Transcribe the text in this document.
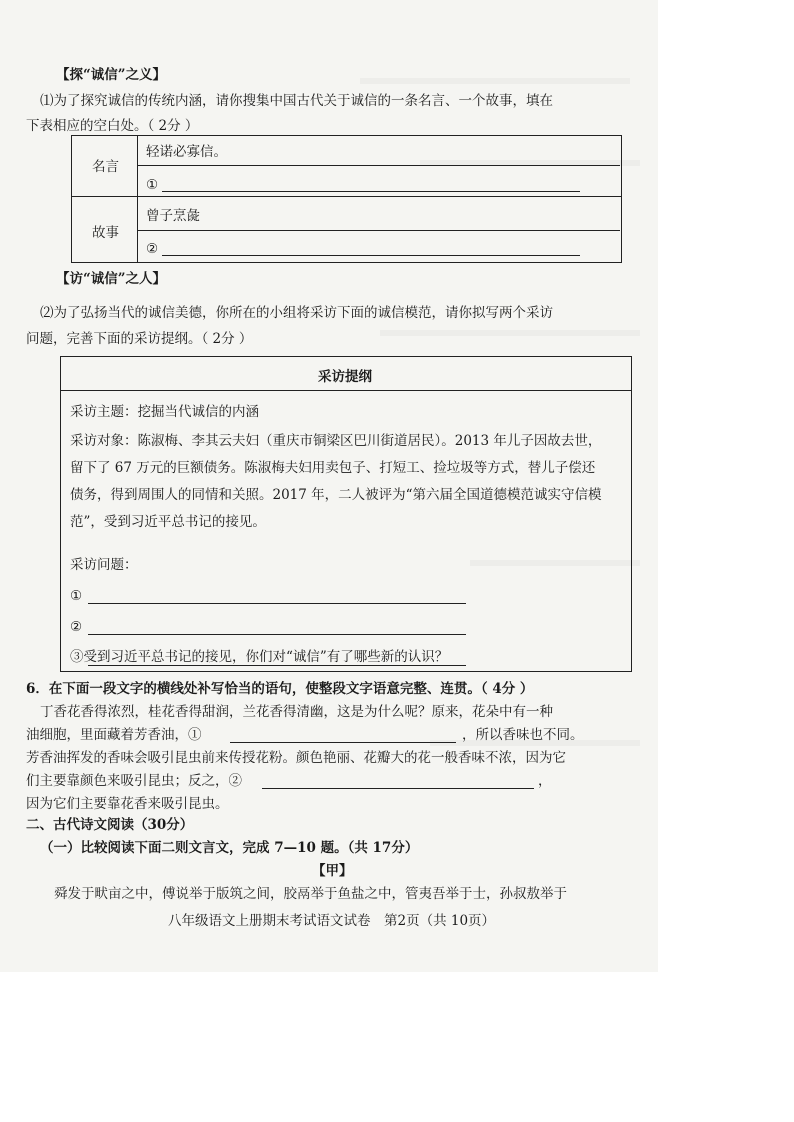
【探“诚信”之义】
⑴为了探究诚信的传统内涵，请你搜集中国古代关于诚信的一条名言、一个故事，填在
下表相应的空白处。（ 2分 ）
名言
轻诺必寡信。
①
故事
曾子烹彘
②
【访“诚信”之人】
⑵为了弘扬当代的诚信美德，你所在的小组将采访下面的诚信模范，请你拟写两个采访
问题，完善下面的采访提纲。（ 2分 ）
采访提纲
采访主题：挖掘当代诚信的内涵
采访对象：陈淑梅、李其云夫妇（重庆市铜梁区巴川街道居民）。2013 年儿子因故去世，
留下了 67 万元的巨额债务。陈淑梅夫妇用卖包子、打短工、捡垃圾等方式，替儿子偿还
债务，得到周围人的同情和关照。2017 年，二人被评为“第六届全国道德模范诚实守信模
范”，受到习近平总书记的接见。
采访问题：
①
②
③受到习近平总书记的接见，你们对“诚信”有了哪些新的认识？
6．在下面一段文字的横线处补写恰当的语句，使整段文字语意完整、连贯。（ 4分 ）
丁香花香得浓烈，桂花香得甜润，兰花香得清幽，这是为什么呢？原来，花朵中有一种
油细胞，里面藏着芳香油，①	，所以香味也不同。
芳香油挥发的香味会吸引昆虫前来传授花粉。颜色艳丽、花瓣大的花一般香味不浓，因为它
们主要靠颜色来吸引昆虫；反之，②	，
因为它们主要靠花香来吸引昆虫。
二、古代诗文阅读（30分）
（一）比较阅读下面二则文言文，完成 7—10 题。（共 17分）
【甲】
舜发于畎亩之中，傅说举于版筑之间，胶鬲举于鱼盐之中，管夷吾举于士，孙叔敖举于
八年级语文上册期末考试语文试卷　第2页（共 10页）
